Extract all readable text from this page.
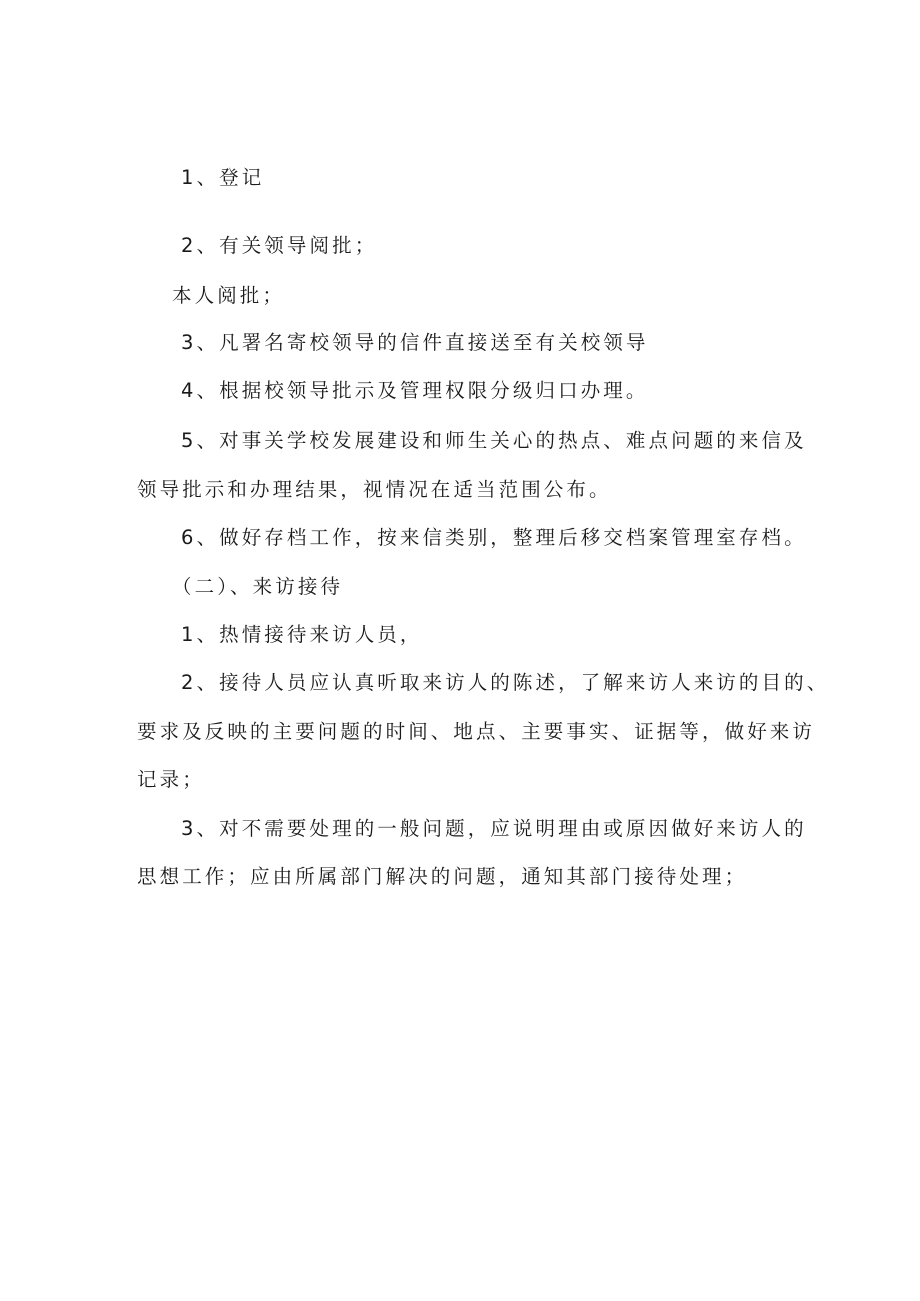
1、登记
2、有关领导阅批；
本人阅批；
3、凡署名寄校领导的信件直接送至有关校领导
4、根据校领导批示及管理权限分级归口办理。
5、对事关学校发展建设和师生关心的热点、难点问题的来信及
领导批示和办理结果，视情况在适当范围公布。
6、做好存档工作，按来信类别，整理后移交档案管理室存档。
（二）、来访接待
1、热情接待来访人员，
2、接待人员应认真听取来访人的陈述，了解来访人来访的目的、
要求及反映的主要问题的时间、地点、主要事实、证据等，做好来访
记录；
3、对不需要处理的一般问题，应说明理由或原因做好来访人的
思想工作；应由所属部门解决的问题，通知其部门接待处理；
